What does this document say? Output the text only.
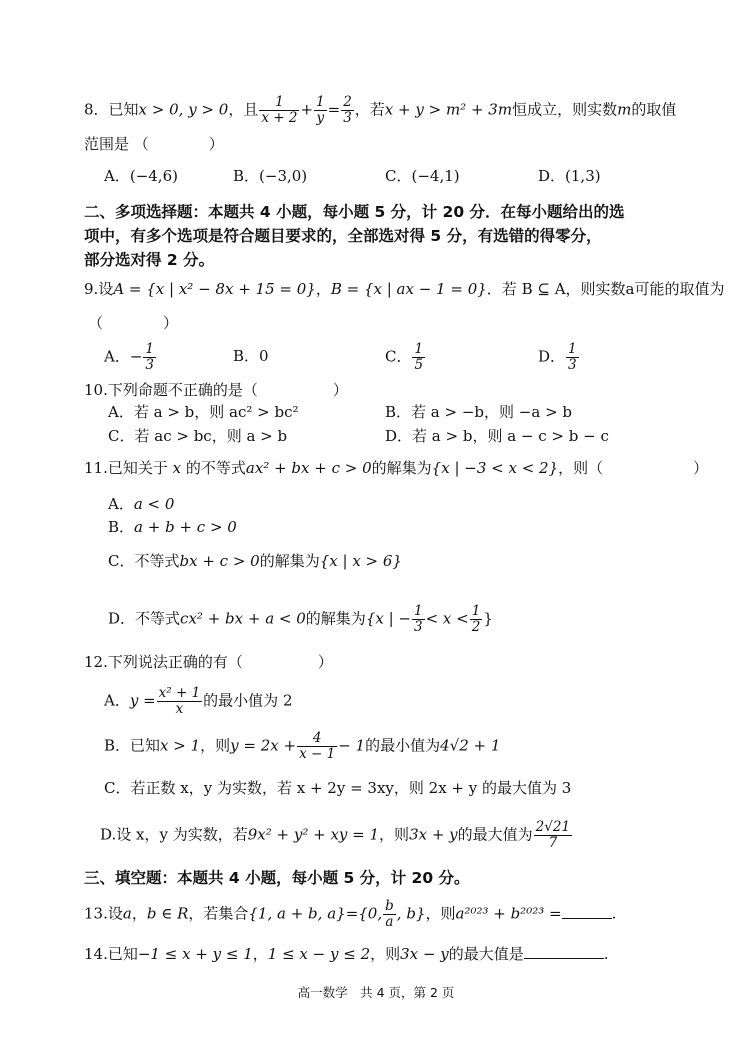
8．已知x > 0, y > 0，且 $\frac{1}{x + 2} + \frac{1}{y} = \frac{2}{3}$ ，若x + y > m² + 3m恒成立，则实数m的取值
范围是 （　　　　）
A．(−4,6)	B．(−3,0)	C．(−4,1)	D．(1,3)
二、多项选择题：本题共 4 小题，每小题 5 分，计 20 分．在每小题给出的选
项中，有多个选项是符合题目要求的，全部选对得 5 分，有选错的得零分，
部分选对得 2 分。
9.设A = {x | x² − 8x + 15 = 0}，B = {x | ax − 1 = 0}．若 B ⊆ A，则实数a可能的取值为
（　　　　）
A．− $\frac{1}{3}$	B．0	C． $\frac{1}{5}$	D． $\frac{1}{3}$
10.下列命题不正确的是（　　　　　）
A．若 a > b，则 ac² > bc²	B．若 a > −b，则 −a > b
C．若 ac > bc，则 a > b	D．若 a > b，则 a − c > b − c
11.已知关于 x 的不等式ax² + bx + c > 0的解集为{x | −3 < x < 2}，则（　　　　　　）
A．a < 0
B．a + b + c > 0
C．不等式bx + c > 0的解集为{x | x > 6}
D．不等式cx² + bx + a < 0的解集为{x | − $\frac{1}{3} < x < \frac{1}{2}$ }
12.下列说法正确的有（　　　　　）
A．$y = \frac{\text{x² + 1}}{x}$ 的最小值为 2
B．已知x > 1，则$y = 2x + \frac{4}{x - 1} - 1$的最小值为4√2 + 1
C．若正数 x，y 为实数，若 x + 2y = 3xy，则 2x + y 的最大值为 3
D.设 x，y 为实数，若9x² + y² + xy = 1，则3x + y的最大值为 $\frac{2√21}{7}$
三、填空题：本题共 4 小题，每小题 5 分，计 20 分。
13.设a，b ∈ R，若集合{1, a + b, a}={0, $\frac{b}{a}$ , b}，则a²⁰²³ + b²⁰²³ =	.
14.已知−1 ≤ x + y ≤ 1，1 ≤ x − y ≤ 2，则3x − y的最大值是	.
高一数学　共 4 页，第 2 页
